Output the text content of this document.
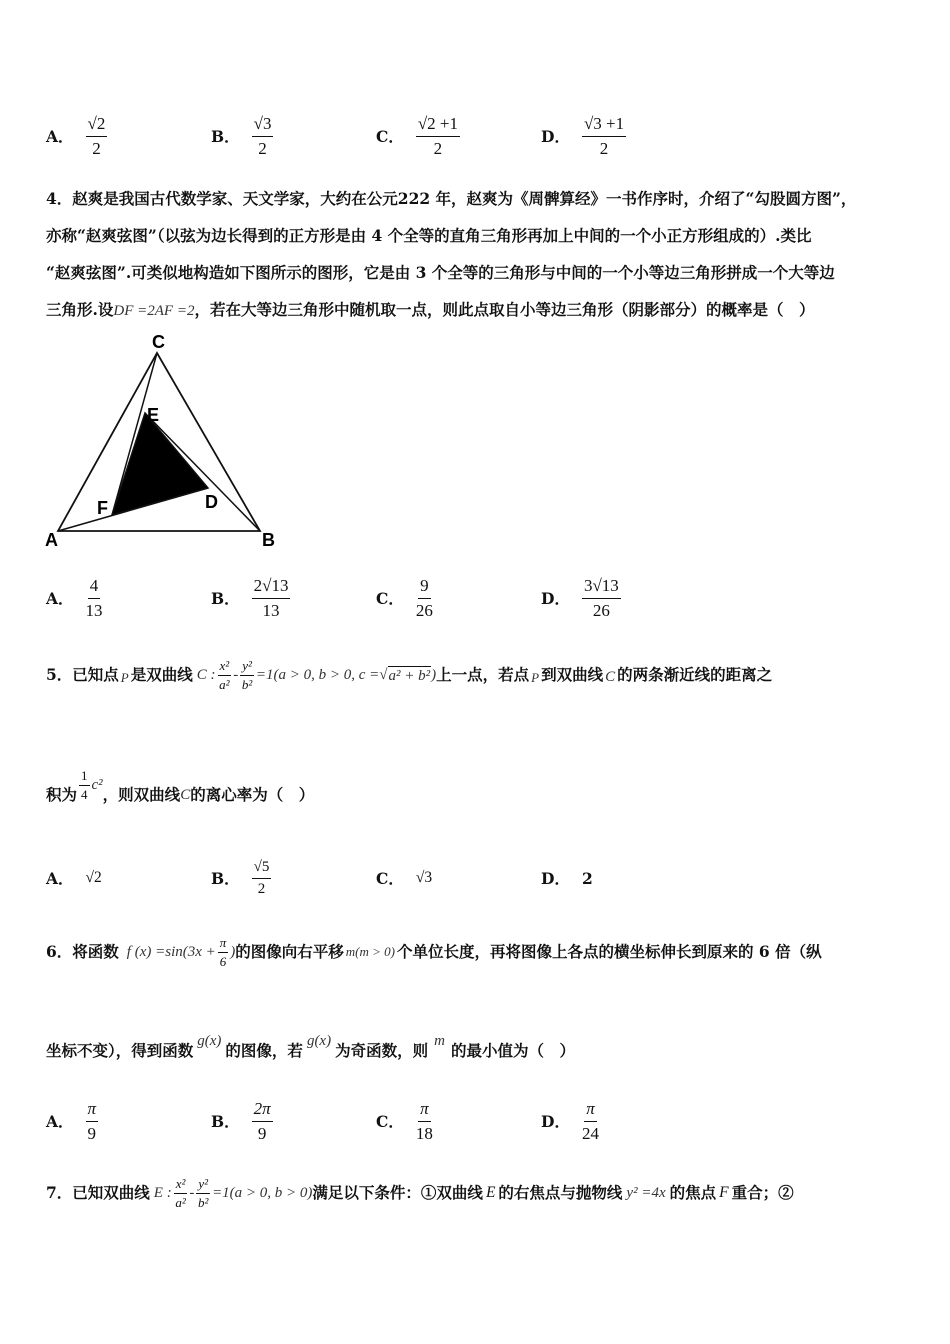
A． $\frac{√2}{2}$	B． $\frac{√3}{2}$	C． $\frac{√2 +1}{2}$	D． $\frac{√3 +1}{2}$
4．赵爽是我国古代数学家、天文学家，大约在公元222 年，赵爽为《周髀算经》一书作序时，介绍了“勾股圆方图”，
亦称“赵爽弦图”（以弦为边长得到的正方形是由 4 个全等的直角三角形再加上中间的一个小正方形组成的）.类比
“赵爽弦图”.可类似地构造如下图所示的图形，它是由 3 个全等的三角形与中间的一个小等边三角形拼成一个大等边
三角形.设DF =2AF =2，若在大等边三角形中随机取一点，则此点取自小等边三角形（阴影部分）的概率是（　）
C
E
D
F
A	B
A． $\frac{4}{13}$	B． $\frac{2√13}{13}$	C． $\frac{9}{26}$	D． $\frac{3√13}{26}$
5．已知点 P 是双曲线 C : $\frac{\text{x²}}{\text{a²}} - \frac{\text{y²}}{\text{b²}} =1(a > 0$, b > 0, c = √ a² + b² ) 上一点，若点 P 到双曲线 C 的两条渐近线的距离之
积为 $\frac{1}{4} c^2$ ，则双曲线 C 的离心率为（　）
A． √2	B． $\frac{√5}{2}$	C． √3	D． 2
6．将函数 f $(x) =\sin(3x + \frac{\pi}{6}$ ) 的图像向右平移 m(m > 0) 个单位长度，再将图像上各点的横坐标伸长到原来的 6 倍（纵
坐标不变），得到函数 g(x) 的图像，若 g(x) 为奇函数，则 m 的最小值为（　）
A． $\frac{\pi}{9}$	B． $\frac{2\pi}{9}$	C． $\frac{\pi}{18}$	D． $\frac{\pi}{24}$
7．已知双曲线 E : $\frac{\text{x²}}{\text{a²}} - \frac{\text{y²}}{\text{b²}} =1(a > 0$, b > 0) 满足以下条件：①双曲线 E 的右焦点与抛物线 y² =4x 的焦点 F 重合；②
